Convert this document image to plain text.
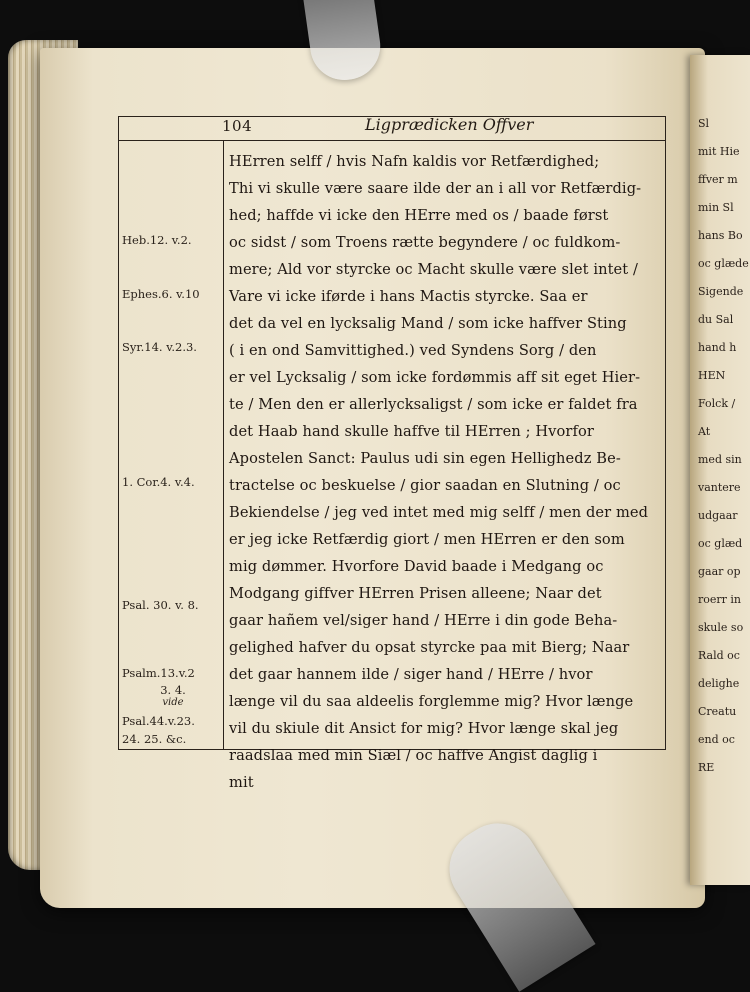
Sl
mit Hie
ffver m
min Sl
hans Bo
oc glæde
Sigende
du Sal
hand h
HEN
Folck /
At
med sin
vantere
udgaar
oc glæd
gaar op
roerr in
skule so
Rald oc
delighe
Creatu
end oc
RE
104	Ligprædicken Offver
Heb.12. v.2.
Ephes.6. v.10
Syr.14. v.2.3.
1. Cor.4. v.4.
Psal. 30. v. 8.
Psalm.13.v.2
3. 4.
vide
Psal.44.v.23.
24. 25. &c.
HErren selff / hvis Nafn kaldis vor Retfærdighed;
Thi vi skulle være saare ilde der an i all vor Retfærdig-
hed; haffde vi icke den HErre med os / baade først
oc sidst / som Troens rætte begyndere / oc fuldkom-
mere; Ald vor styrcke oc Macht skulle være slet intet /
Vare vi icke iførde i hans Mactis styrcke. Saa er
det da vel en lycksalig Mand / som icke haffver Sting
( i en ond Samvittighed.) ved Syndens Sorg / den
er vel Lycksalig / som icke fordømmis aff sit eget Hier-
te / Men den er allerlycksaligst / som icke er faldet fra
det Haab hand skulle haffve til HErren ; Hvorfor
Apostelen Sanct: Paulus udi sin egen Hellighedz Be-
tractelse oc beskuelse / gior saadan en Slutning / oc
Bekiendelse / jeg ved intet med mig selff / men der med
er jeg icke Retfærdig giort / men HErren er den som
mig dømmer. Hvorfore David baade i Medgang oc
Modgang giffver HErren Prisen alleene; Naar det
gaar hañem vel/siger hand / HErre i din gode Beha-
gelighed hafver du opsat styrcke paa mit Bierg; Naar
det gaar hannem ilde / siger hand / HErre / hvor
længe vil du saa aldeelis forglemme mig? Hvor længe
vil du skiule dit Ansict for mig? Hvor længe skal jeg
raadslaa med min Siæl / oc haffve Angist daglig i
mit
